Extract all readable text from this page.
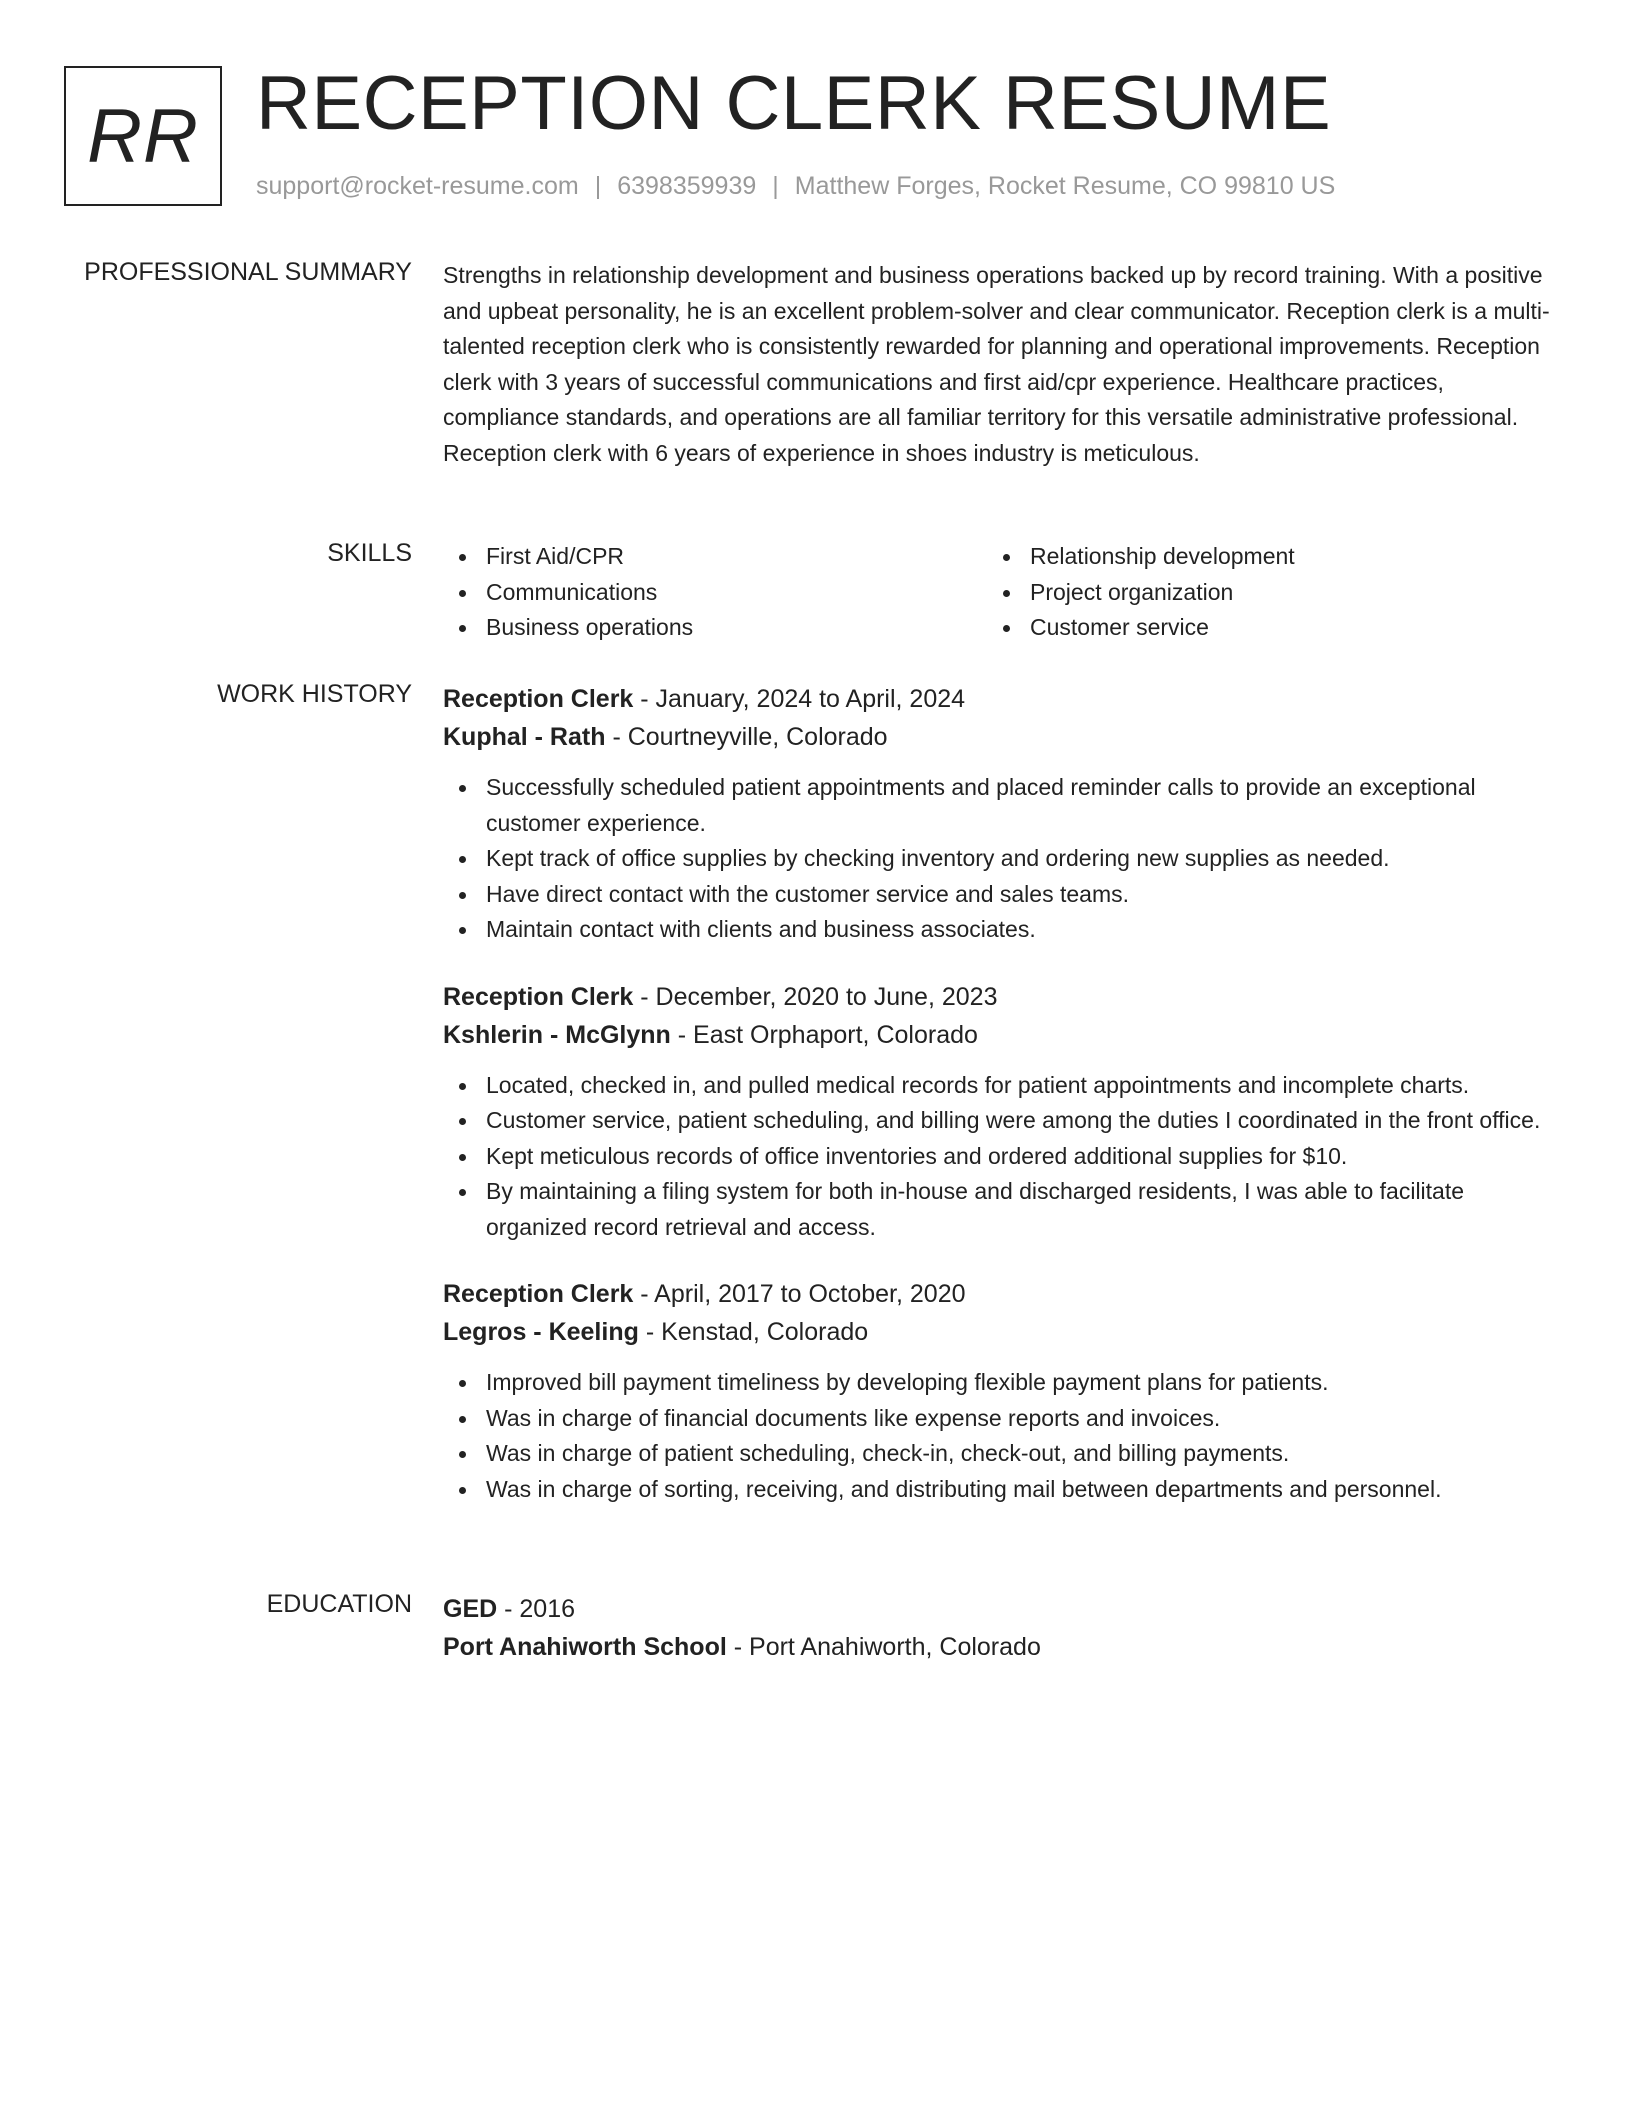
RR RECEPTION CLERK RESUME
support@rocket-resume.com | 6398359939 | Matthew Forges, Rocket Resume, CO 99810 US
PROFESSIONAL SUMMARY Strengths in relationship development and business operations backed up by record training. With a positive and upbeat personality, he is an excellent problem-solver and clear communicator. Reception clerk is a multi-talented reception clerk who is consistently rewarded for planning and operational improvements. Reception clerk with 3 years of successful communications and first aid/cpr experience. Healthcare practices, compliance standards, and operations are all familiar territory for this versatile administrative professional. Reception clerk with 6 years of experience in shoes industry is meticulous.

SKILLS	First Aid/CPR
Communications
Business operations
Relationship development
Project organization
Customer service
WORK HISTORY Reception Clerk - January, 2024 to April, 2024
Kuphal - Rath - Courtneyville, Colorado
Successfully scheduled patient appointments and placed reminder calls to provide an exceptional customer experience.
Kept track of office supplies by checking inventory and ordering new supplies as needed.
Have direct contact with the customer service and sales teams.
Maintain contact with clients and business associates.
Reception Clerk - December, 2020 to June, 2023
Kshlerin - McGlynn - East Orphaport, Colorado
Located, checked in, and pulled medical records for patient appointments and incomplete charts.
Customer service, patient scheduling, and billing were among the duties I coordinated in the front office.
Kept meticulous records of office inventories and ordered additional supplies for $10.
By maintaining a filing system for both in-house and discharged residents, I was able to facilitate organized record retrieval and access.
Reception Clerk - April, 2017 to October, 2020
Legros - Keeling - Kenstad, Colorado
Improved bill payment timeliness by developing flexible payment plans for patients.
Was in charge of financial documents like expense reports and invoices.
Was in charge of patient scheduling, check-in, check-out, and billing payments.
Was in charge of sorting, receiving, and distributing mail between departments and personnel.
EDUCATION GED - 2016
Port Anahiworth School - Port Anahiworth, Colorado
